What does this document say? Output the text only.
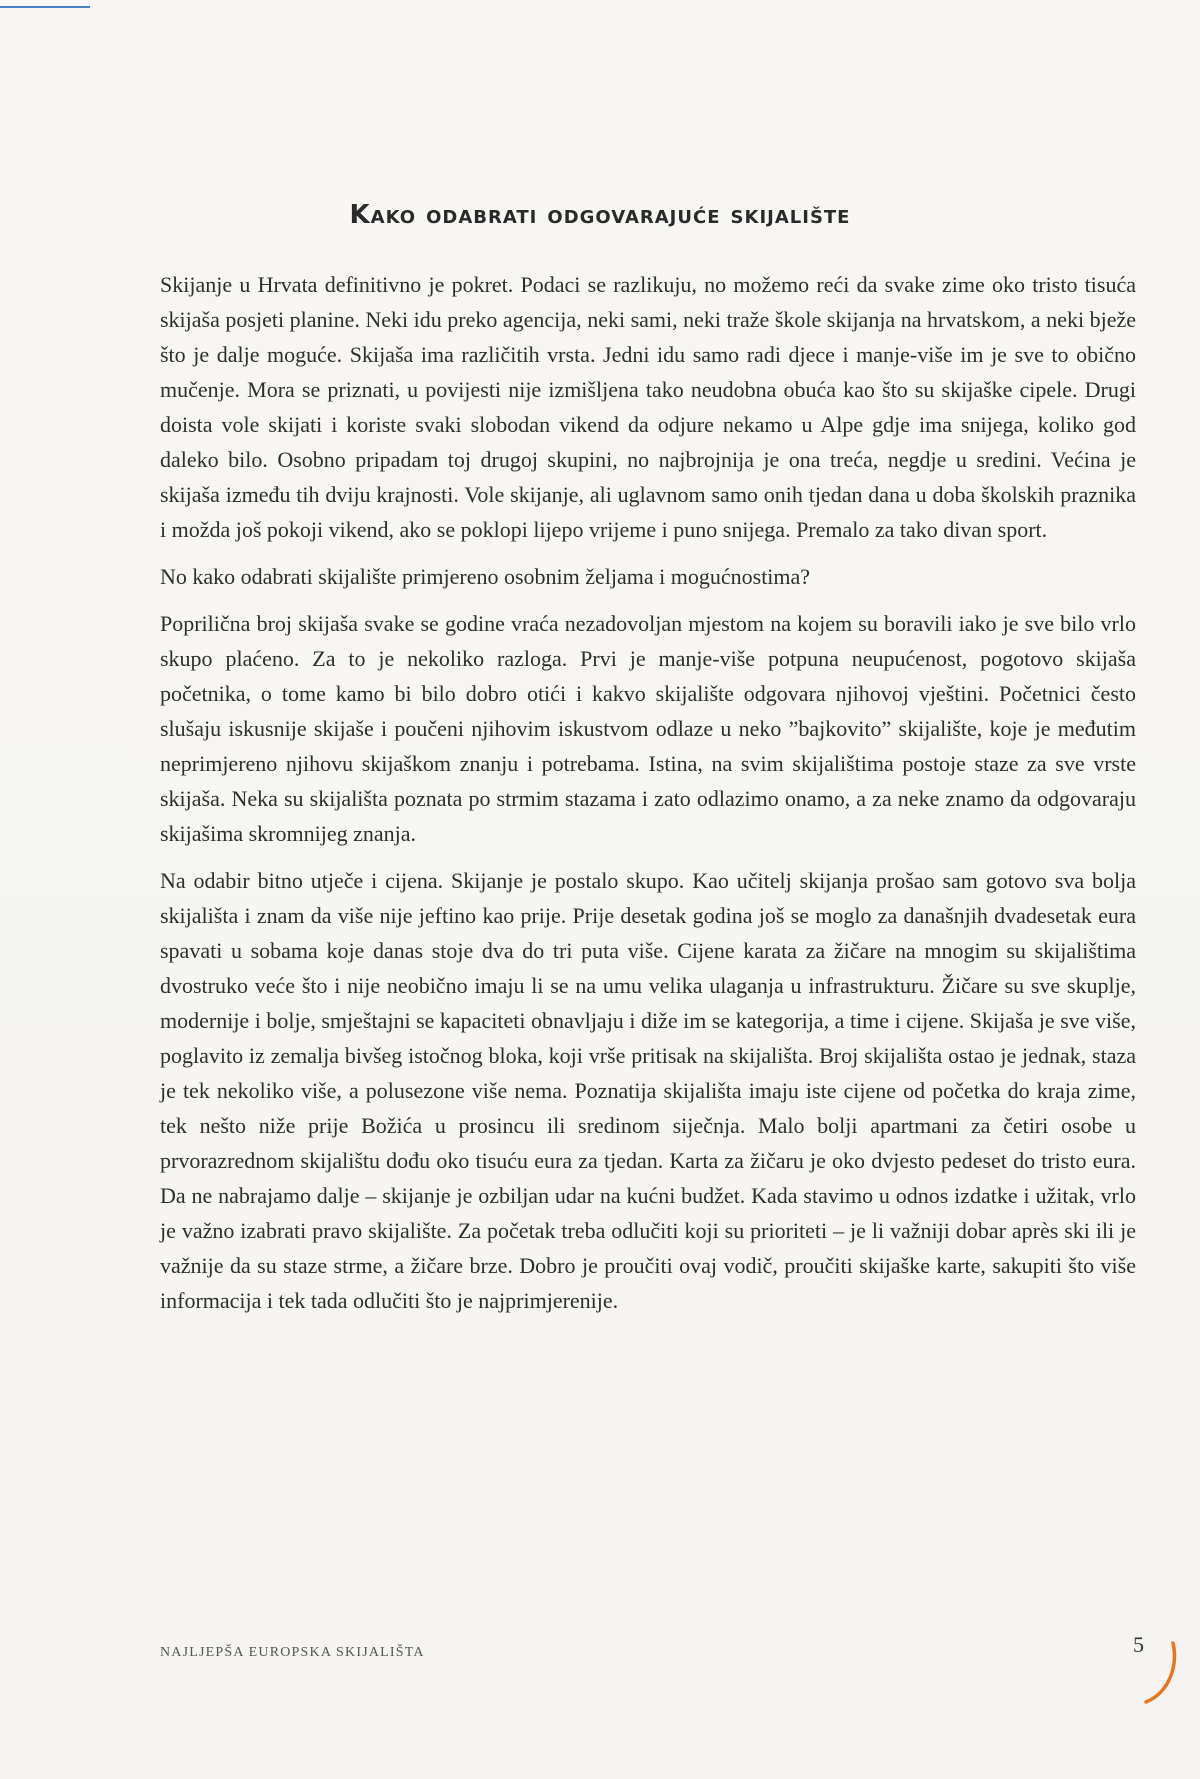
Kako odabrati odgovarajuće skijalište

Skijanje u Hrvata definitivno je pokret. Podaci se razlikuju, no možemo reći da svake zime oko tristo tisuća skijaša posjeti planine. Neki idu preko agencija, neki sami, neki traže škole skijanja na hrvatskom, a neki bježe što je dalje moguće. Skijaša ima različitih vrsta. Jedni idu samo radi djece i manje-više im je sve to obično mučenje. Mora se priznati, u povijesti nije izmišljena tako neudobna obuća kao što su skijaške cipele. Drugi doista vole skijati i koriste svaki slobodan vikend da odjure nekamo u Alpe gdje ima snijega, koliko god daleko bilo. Osobno pripadam toj drugoj skupini, no najbrojnija je ona treća, negdje u sredini. Većina je skijaša između tih dviju krajnosti. Vole skijanje, ali uglavnom samo onih tjedan dana u doba školskih praznika i možda još pokoji vikend, ako se poklopi lijepo vrijeme i puno snijega. Premalo za tako divan sport.

No kako odabrati skijalište primjereno osobnim željama i mogućnostima?

Poprilična broj skijaša svake se godine vraća nezadovoljan mjestom na kojem su boravili iako je sve bilo vrlo skupo plaćeno. Za to je nekoliko razloga. Prvi je manje-više potpuna neupućenost, pogotovo skijaša početnika, o tome kamo bi bilo dobro otići i kakvo skijalište odgovara njihovoj vještini. Početnici često slušaju iskusnije skijaše i poučeni njihovim iskustvom odlaze u neko ”bajkovito” skijalište, koje je međutim neprimjereno njihovu skijaškom znanju i potrebama. Istina, na svim skijalištima postoje staze za sve vrste skijaša. Neka su skijališta poznata po strmim stazama i zato odlazimo onamo, a za neke znamo da odgovaraju skijašima skromnijeg znanja.

Na odabir bitno utječe i cijena. Skijanje je postalo skupo. Kao učitelj skijanja prošao sam gotovo sva bolja skijališta i znam da više nije jeftino kao prije. Prije desetak godina još se moglo za današnjih dvadesetak eura spavati u sobama koje danas stoje dva do tri puta više. Cijene karata za žičare na mnogim su skijalištima dvostruko veće što i nije neobično imaju li se na umu velika ulaganja u infrastrukturu. Žičare su sve skuplje, modernije i bolje, smještajni se kapaciteti obnavljaju i diže im se kategorija, a time i cijene. Skijaša je sve više, poglavito iz zemalja bivšeg istočnog bloka, koji vrše pritisak na skijališta. Broj skijališta ostao je jednak, staza je tek nekoliko više, a polusezone više nema. Poznatija skijališta imaju iste cijene od početka do kraja zime, tek nešto niže prije Božića u prosincu ili sredinom siječnja. Malo bolji apartmani za četiri osobe u prvorazrednom skijalištu dođu oko tisuću eura za tjedan. Karta za žičaru je oko dvjesto pedeset do tristo eura. Da ne nabrajamo dalje – skijanje je ozbiljan udar na kućni budžet. Kada stavimo u odnos izdatke i užitak, vrlo je važno izabrati pravo skijalište. Za početak treba odlučiti koji su prioriteti – je li važniji dobar après ski ili je važnije da su staze strme, a žičare brze. Dobro je proučiti ovaj vodič, proučiti skijaške karte, sakupiti što više informacija i tek tada odlučiti što je najprimjerenije.

NAJLJEPŠA EUROPSKA SKIJALIŠTA	5
